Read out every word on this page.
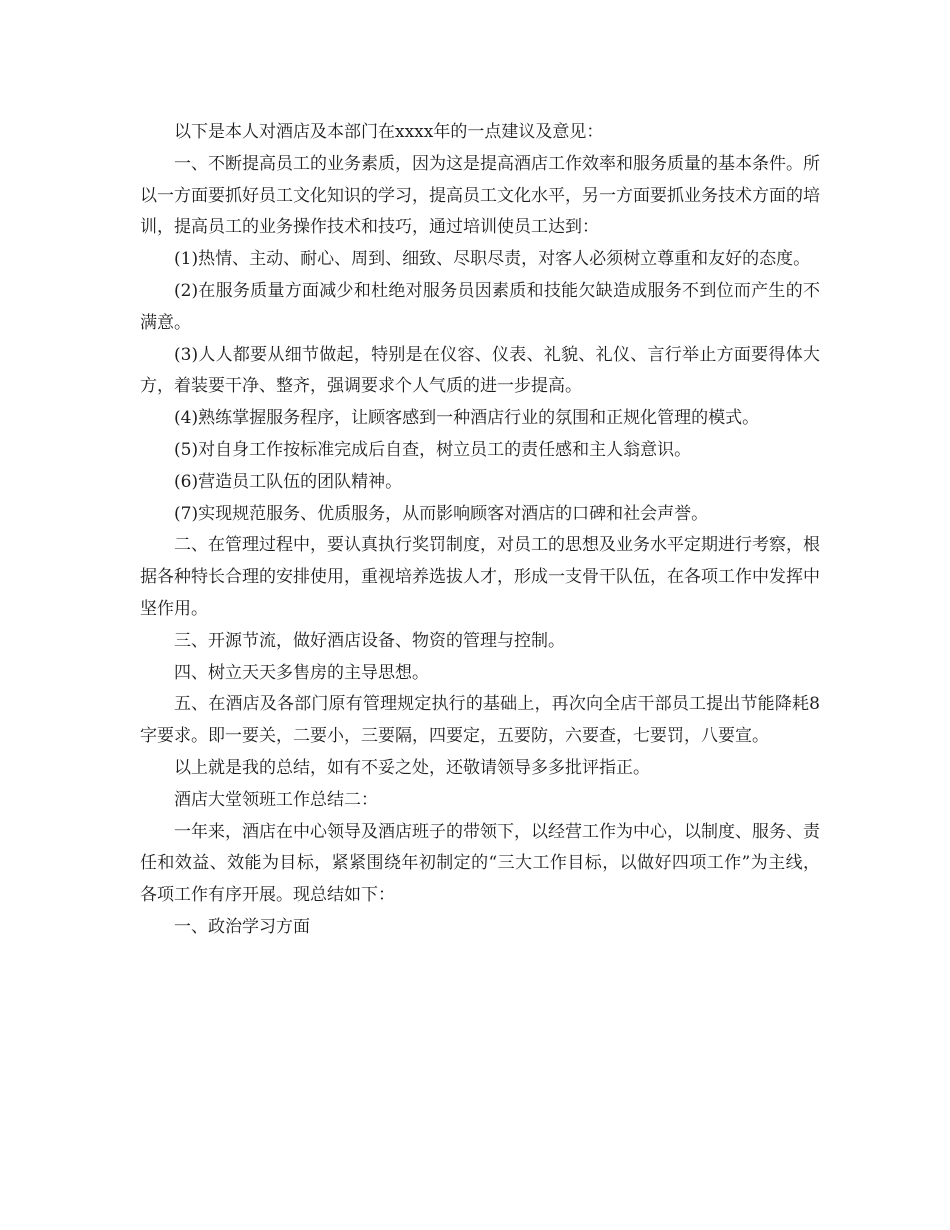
以下是本人对酒店及本部门在xxxx年的一点建议及意见：

一、不断提高员工的业务素质，因为这是提高酒店工作效率和服务质量的基本条件。所以一方面要抓好员工文化知识的学习，提高员工文化水平，另一方面要抓业务技术方面的培训，提高员工的业务操作技术和技巧，通过培训使员工达到：

(1)热情、主动、耐心、周到、细致、尽职尽责，对客人必须树立尊重和友好的态度。

(2)在服务质量方面减少和杜绝对服务员因素质和技能欠缺造成服务不到位而产生的不满意。

(3)人人都要从细节做起，特别是在仪容、仪表、礼貌、礼仪、言行举止方面要得体大方，着装要干净、整齐，强调要求个人气质的进一步提高。

(4)熟练掌握服务程序，让顾客感到一种酒店行业的氛围和正规化管理的模式。

(5)对自身工作按标准完成后自查，树立员工的责任感和主人翁意识。

(6)营造员工队伍的团队精神。

(7)实现规范服务、优质服务，从而影响顾客对酒店的口碑和社会声誉。

二、在管理过程中，要认真执行奖罚制度，对员工的思想及业务水平定期进行考察，根据各种特长合理的安排使用，重视培养选拔人才，形成一支骨干队伍，在各项工作中发挥中坚作用。

三、开源节流，做好酒店设备、物资的管理与控制。

四、树立天天多售房的主导思想。

五、在酒店及各部门原有管理规定执行的基础上，再次向全店干部员工提出节能降耗8字要求。即一要关，二要小，三要隔，四要定，五要防，六要查，七要罚，八要宣。

以上就是我的总结，如有不妥之处，还敬请领导多多批评指正。

酒店大堂领班工作总结二：

一年来，酒店在中心领导及酒店班子的带领下，以经营工作为中心，以制度、服务、责任和效益、效能为目标，紧紧围绕年初制定的“三大工作目标，以做好四项工作”为主线，各项工作有序开展。现总结如下：

一、政治学习方面
